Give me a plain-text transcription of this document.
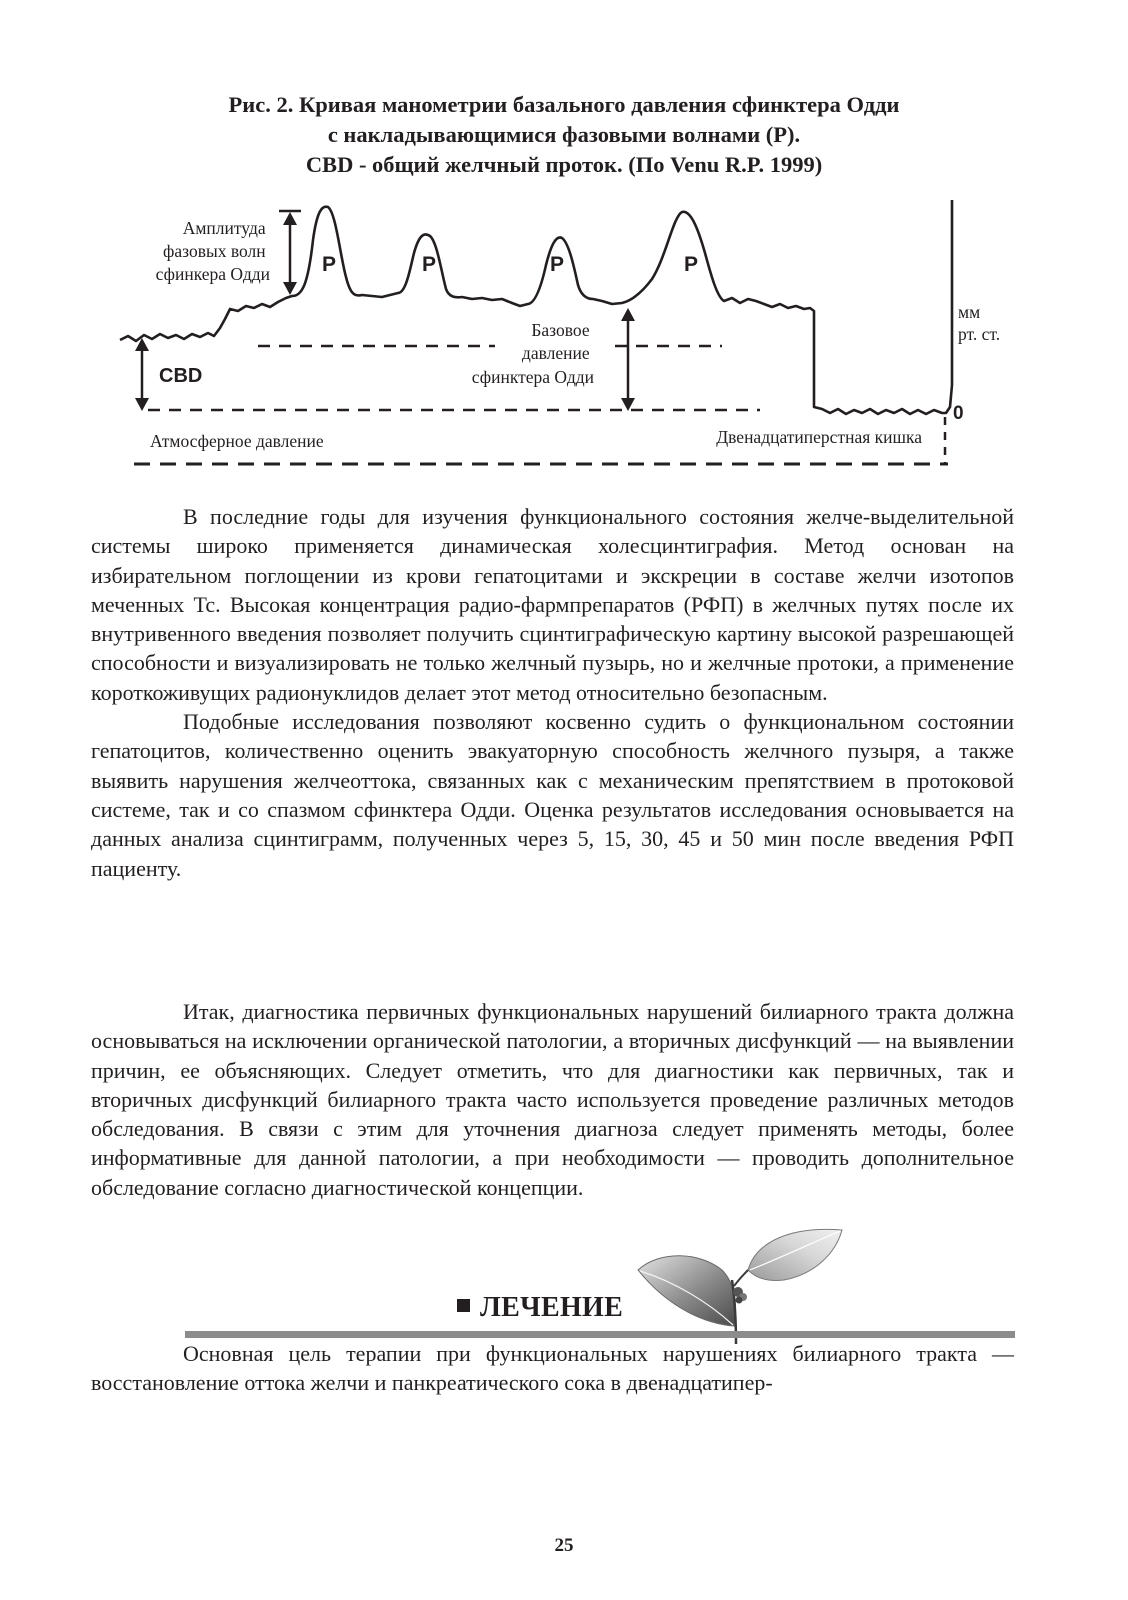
Рис. 2. Кривая манометрии базального давления сфинктера Одди
с накладывающимися фазовыми волнами (P).
CBD - общий желчный проток. (По Venu R.P. 1999)
Амплитуда фазовых волн сфинкера Одди
Базовое давление сфинктера Одди
CBD
P	P	P	P
0
мм рт. ст.
Атмосферное давление	Двенадцатиперстная кишка

В последние годы для изучения функционального состояния желче-выделительной системы широко применяется динамическая холесцинтиграфия. Метод основан на избирательном поглощении из крови гепатоцитами и экскреции в составе желчи изотопов меченных Tc. Высокая концентрация радио-фармпрепаратов (РФП) в желчных путях после их внутривенного введения позволяет получить сцинтиграфическую картину высокой разрешающей способности и визуализировать не только желчный пузырь, но и желчные протоки, а применение короткоживущих радионуклидов делает этот метод относительно безопасным.

Подобные исследования позволяют косвенно судить о функциональном состоянии гепатоцитов, количественно оценить эвакуаторную способность желчного пузыря, а также выявить нарушения желчеоттока, связанных как с механическим препятствием в протоковой системе, так и со спазмом сфинктера Одди. Оценка результатов исследования основывается на данных анализа сцинтиграмм, полученных через 5, 15, 30, 45 и 50 мин после введения РФП пациенту.

Итак, диагностика первичных функциональных нарушений билиарного тракта должна основываться на исключении органической патологии, а вторичных дисфункций — на выявлении причин, ее объясняющих. Следует отметить, что для диагностики как первичных, так и вторичных дисфункций билиарного тракта часто используется проведение различных методов обследования. В связи с этим для уточнения диагноза следует применять методы, более информативные для данной патологии, а при необходимости — проводить дополнительное обследование согласно диагностической концепции.

ЛЕЧЕНИЕ

Основная цель терапии при функциональных нарушениях билиарного тракта — восстановление оттока желчи и панкреатического сока в двенадцатипер-

25
